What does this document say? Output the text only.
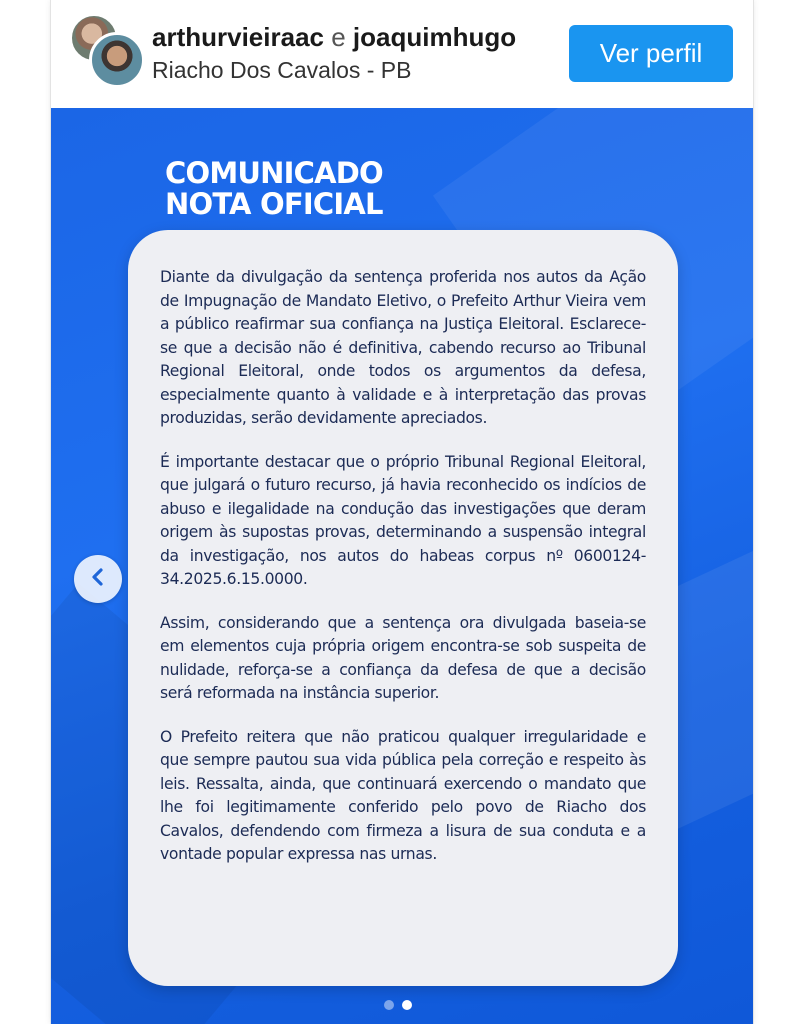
arthurvieiraac e joaquimhugo
Riacho Dos Cavalos - PB
Ver perfil
COMUNICADO
NOTA OFICIAL

Diante da divulgação da sentença proferida nos autos da Ação de Impugnação de Mandato Eletivo, o Prefeito Arthur Vieira vem a público reafirmar sua confiança na Justiça Eleitoral. Esclarece-se que a decisão não é definitiva, cabendo recurso ao Tribunal Regional Eleitoral, onde todos os argumentos da defesa, especialmente quanto à validade e à interpretação das provas produzidas, serão devidamente apreciados.

É importante destacar que o próprio Tribunal Regional Eleitoral, que julgará o futuro recurso, já havia reconhecido os indícios de abuso e ilegalidade na condução das investigações que deram origem às supostas provas, determinando a suspensão integral da investigação, nos autos do habeas corpus nº 0600124-34.2025.6.15.0000.

Assim, considerando que a sentença ora divulgada baseia-se em elementos cuja própria origem encontra-se sob suspeita de nulidade, reforça-se a confiança da defesa de que a decisão será reformada na instância superior.

O Prefeito reitera que não praticou qualquer irregularidade e que sempre pautou sua vida pública pela correção e respeito às leis. Ressalta, ainda, que continuará exercendo o mandato que lhe foi legitimamente conferido pelo povo de Riacho dos Cavalos, defendendo com firmeza a lisura de sua conduta e a vontade popular expressa nas urnas.
